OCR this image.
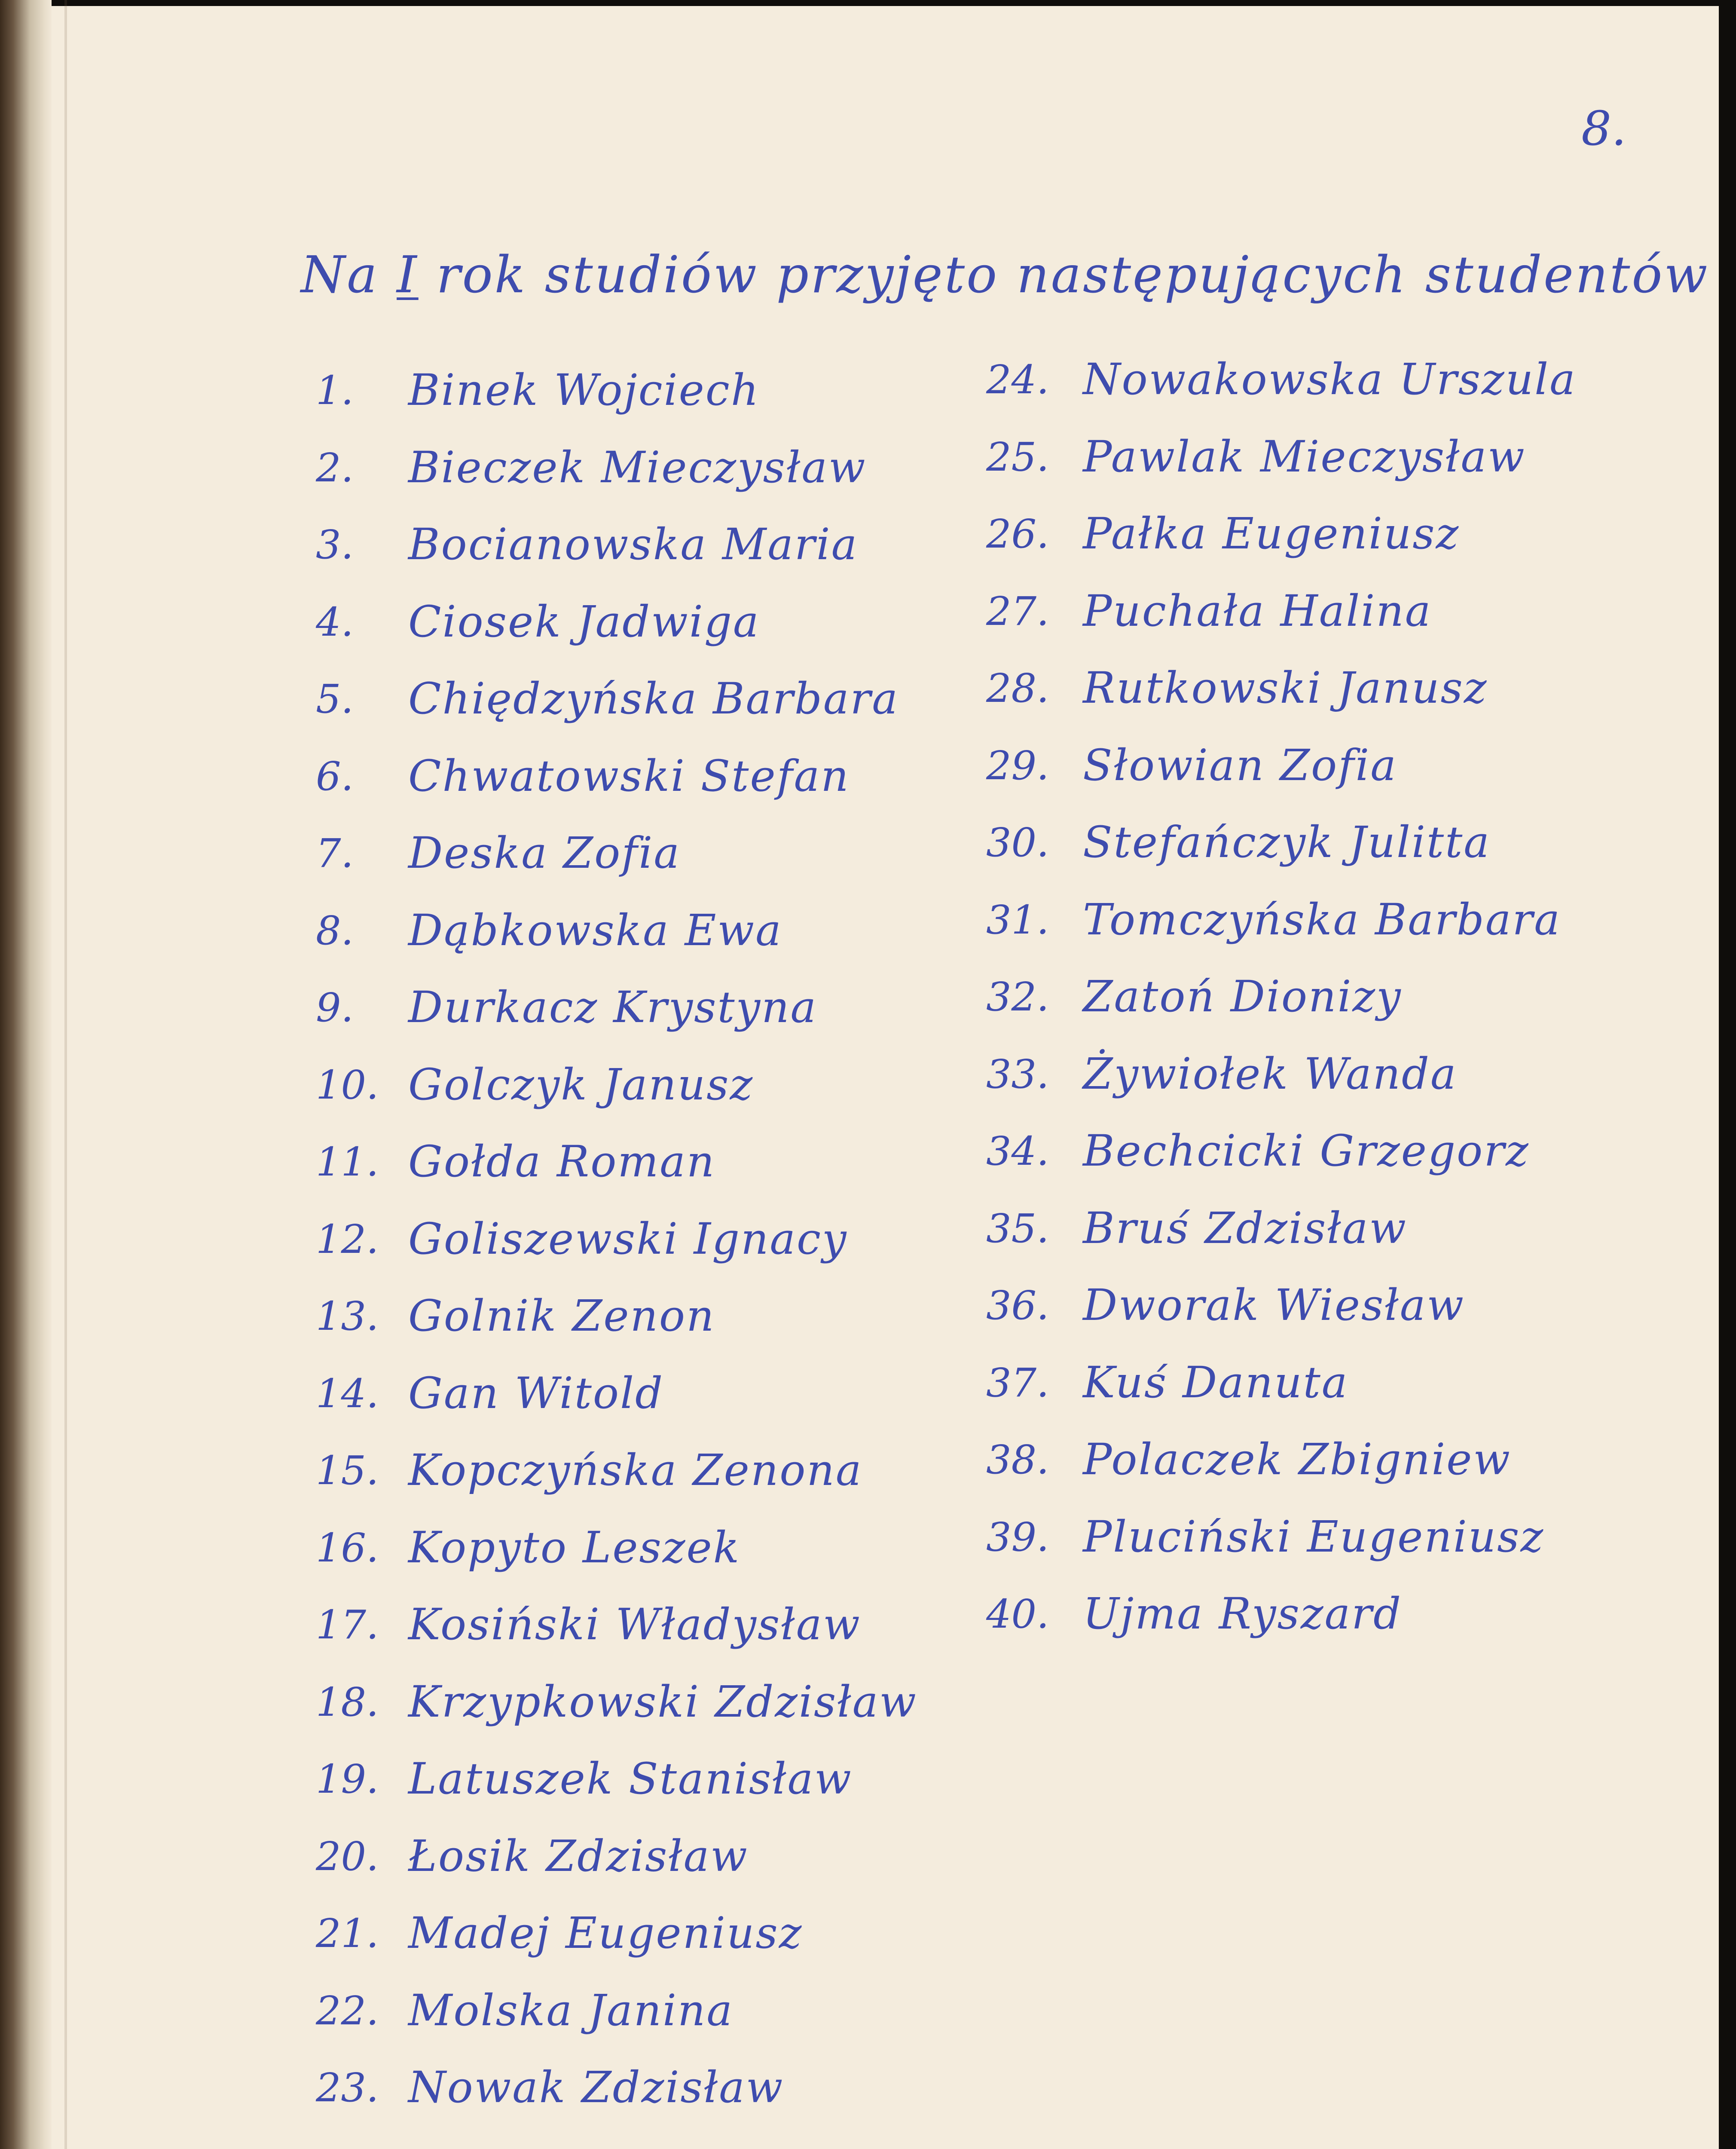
8.
Na I rok studiów przyjęto następujących studentów
1. Binek Wojciech
2. Bieczek Mieczysław
3. Bocianowska Maria
4. Ciosek Jadwiga
5. Chiędzyńska Barbara
6. Chwatowski Stefan
7. Deska Zofia
8. Dąbkowska Ewa
9. Durkacz Krystyna
10. Golczyk Janusz
11. Gołda Roman
12. Goliszewski Ignacy
13. Golnik Zenon
14. Gan Witold
15. Kopczyńska Zenona
16. Kopyto Leszek
17. Kosiński Władysław
18. Krzypkowski Zdzisław
19. Latuszek Stanisław
20. Łosik Zdzisław
21. Madej Eugeniusz
22. Molska Janina
23. Nowak Zdzisław
24. Nowakowska Urszula
25. Pawlak Mieczysław
26. Pałka Eugeniusz
27. Puchała Halina
28. Rutkowski Janusz
29. Słowian Zofia
30. Stefańczyk Julitta
31. Tomczyńska Barbara
32. Zatoń Dionizy
33. Żywiołek Wanda
34. Bechcicki Grzegorz
35. Bruś Zdzisław
36. Dworak Wiesław
37. Kuś Danuta
38. Polaczek Zbigniew
39. Pluciński Eugeniusz
40. Ujma Ryszard
